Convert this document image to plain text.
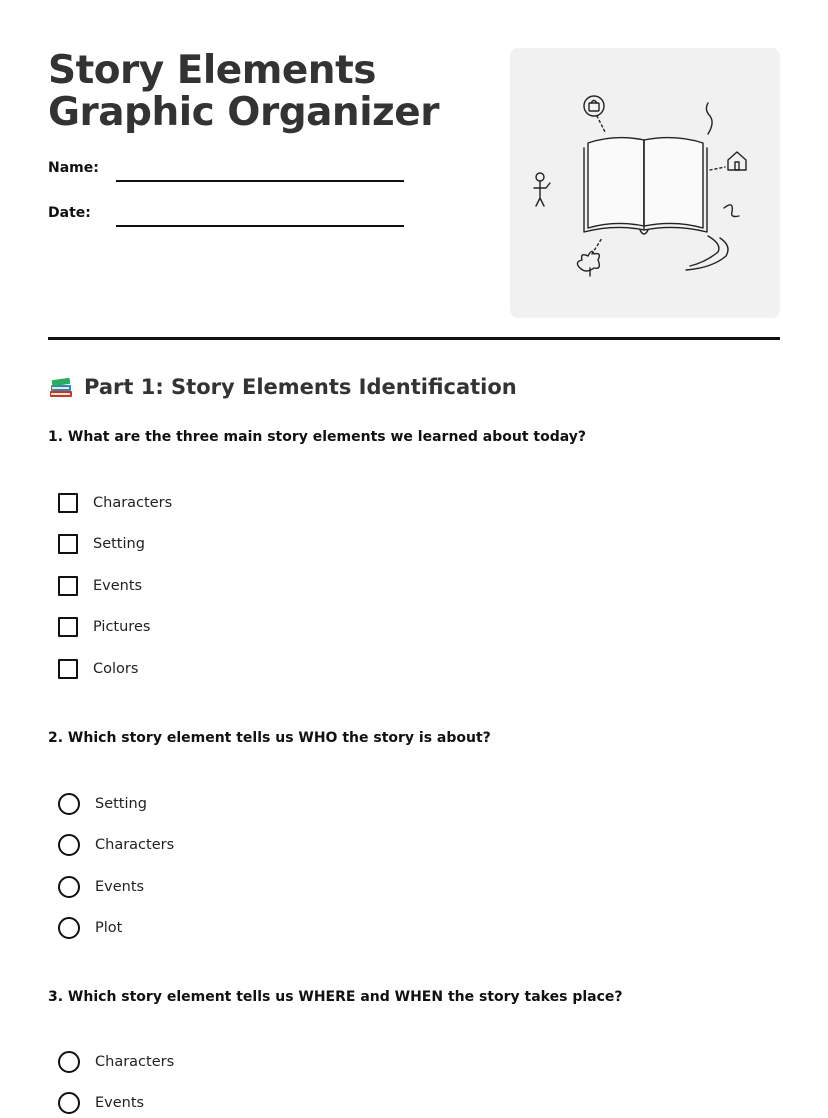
Story Elements Graphic Organizer
Name:
Date:
Part 1: Story Elements Identification
1. What are the three main story elements we learned about today?
Characters
Setting
Events
Pictures
Colors
2. Which story element tells us WHO the story is about?
Setting
Characters
Events
Plot
3. Which story element tells us WHERE and WHEN the story takes place?
Characters
Events
